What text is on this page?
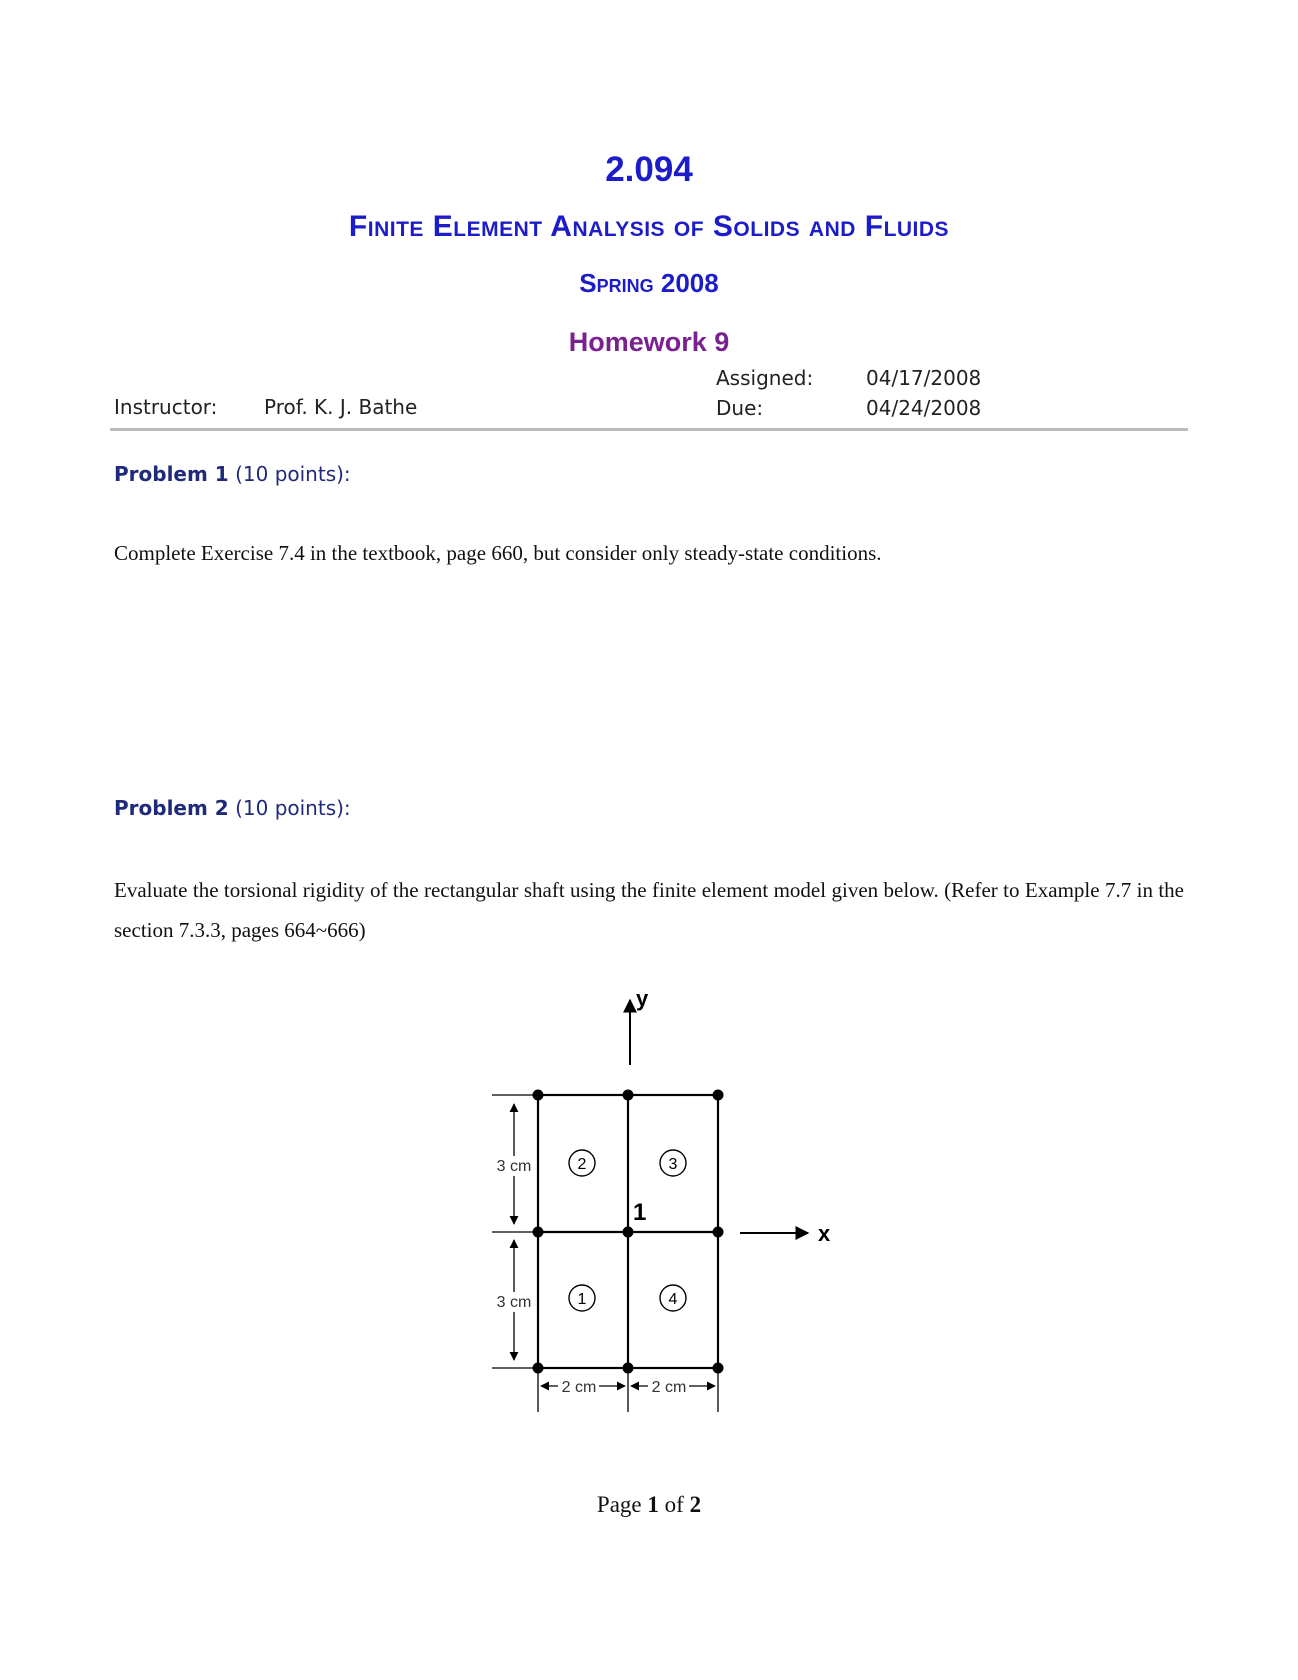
2.094
Finite Element Analysis of Solids and Fluids
Spring 2008
Homework 9
Instructor: Prof. K. J. Bathe
Assigned:	04/17/2008
Due:	04/24/2008
Problem 1 (10 points):
Complete Exercise 7.4 in the textbook, page 660, but consider only steady-state conditions.
Problem 2 (10 points):
Evaluate the torsional rigidity of the rectangular shaft using the finite element model given below. (Refer to Example 7.7 in the section 7.3.3, pages 664~666)
y
x
1
2	3
1	4
3 cm
3 cm
2 cm	2 cm
Page 1 of 2
